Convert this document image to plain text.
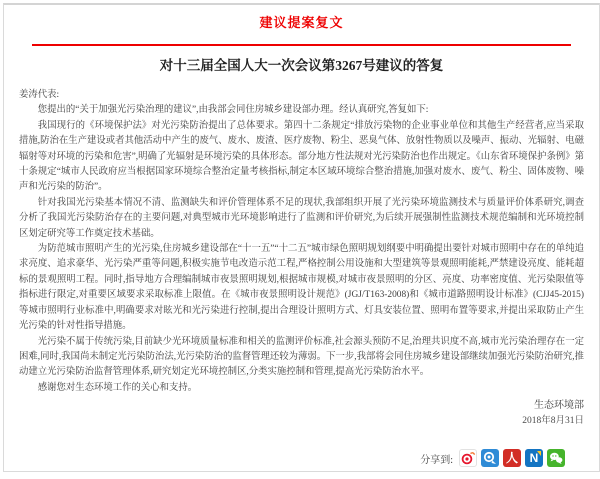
建议提案复文
对十三届全国人大一次会议第3267号建议的答复

姜涛代表:

您提出的“关于加强光污染治理的建议”,由我部会同住房城乡建设部办理。经认真研究,答复如下:

我国现行的《环境保护法》对光污染防治提出了总体要求。第四十二条规定“排放污染物的企业事业单位和其他生产经营者,应当采取措施,防治在生产建设或者其他活动中产生的废气、废水、废渣、医疗废物、粉尘、恶臭气体、放射性物质以及噪声、振动、光辐射、电磁辐射等对环境的污染和危害”,明确了光辐射是环境污染的具体形态。部分地方性法规对光污染防治也作出规定。《山东省环境保护条例》第十条规定“城市人民政府应当根据国家环境综合整治定量考核指标,制定本区域环境综合整治措施,加强对废水、废气、粉尘、固体废物、噪声和光污染的防治”。

针对我国光污染基本情况不清、监测缺失和评价管理体系不足的现状,我部组织开展了光污染环境监测技术与质量评价体系研究,调查分析了我国光污染防治存在的主要问题,对典型城市光环境影响进行了监测和评价研究,为后续开展强制性监测技术规范编制和光环境控制区划定研究等工作奠定技术基础。

为防范城市照明产生的光污染,住房城乡建设部在“十一五”“十二五”城市绿色照明规划纲要中明确提出要针对城市照明中存在的单纯追求亮度、追求豪华、光污染严重等问题,积极实施节电改造示范工程,严格控制公用设施和大型建筑等景观照明能耗,严禁建设亮度、能耗超标的景观照明工程。同时,指导地方合理编制城市夜景照明规划,根据城市规模,对城市夜景照明的分区、亮度、功率密度值、光污染限值等指标进行限定,对重要区域要求采取标准上限值。在《城市夜景照明设计规范》(JGJ/T163-2008)和《城市道路照明设计标准》(CJJ45-2015)等城市照明行业标准中,明确要求对眩光和光污染进行控制,提出合理设计照明方式、灯具安装位置、照明布置等要求,并提出采取防止产生光污染的针对性指导措施。

光污染不属于传统污染,目前缺少光环境质量标准和相关的监测评价标准,社会源头预防不足,治理共识度不高,城市光污染治理存在一定困难,同时,我国尚未制定光污染防治法,光污染防治的监督管理还较为薄弱。下一步,我部将会同住房城乡建设部继续加强光污染防治研究,推动建立光污染防治监督管理体系,研究划定光环境控制区,分类实施控制和管理,提高光污染防治水平。

感谢您对生态环境工作的关心和支持。

生态环境部

2018年8月31日

分享到:	人 N
